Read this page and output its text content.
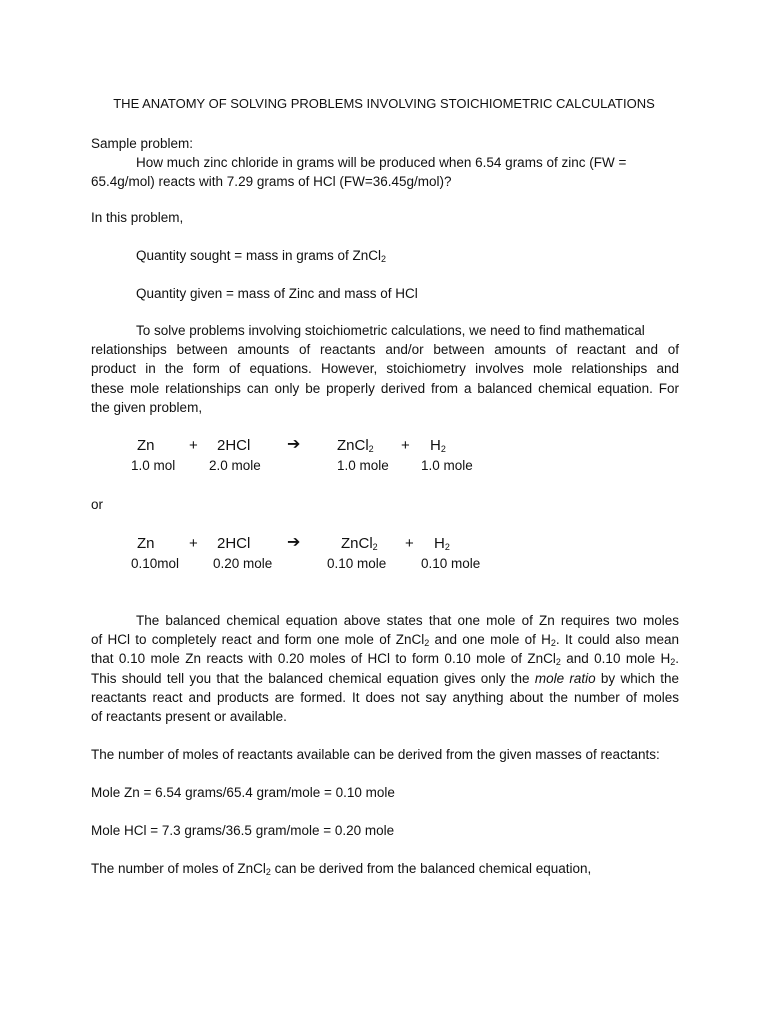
THE ANATOMY OF SOLVING PROBLEMS INVOLVING STOICHIOMETRIC CALCULATIONS
Sample problem:
How much zinc chloride in grams will be produced when 6.54 grams of zinc (FW =
65.4g/mol) reacts with 7.29 grams of HCl (FW=36.45g/mol)?
In this problem,
Quantity sought = mass in grams of ZnCl$_2$
Quantity given = mass of Zinc and mass of HCl
To solve problems involving stoichiometric calculations, we need to find mathematical
relationships between amounts of reactants and/or between amounts of reactant and of
product in the form of equations. However, stoichiometry involves mole relationships and
these mole relationships can only be properly derived from a balanced chemical equation. For
the given problem,
Zn + 2HCl ➔ ZnCl$_2$ + $H_2$
1.0 mol 2.0 mole	1.0 mole 1.0 mole
or
Zn + 2HCl ➔	ZnCl$_2$ + $H_2$
0.10mol	0.20 mole	0.10 mole	0.10 mole
The balanced chemical equation above states that one mole of Zn requires two moles
of HCl to completely react and form one mole of ZnCl$_2$ and one mole of $H_2$. It could also mean
that 0.10 mole Zn reacts with 0.20 moles of HCl to form 0.10 mole of ZnCl$_2$ and 0.10 mole $H_2$.
This should tell you that the balanced chemical equation gives only the mole ratio by which the
reactants react and products are formed. It does not say anything about the number of moles
of reactants present or available.
The number of moles of reactants available can be derived from the given masses of reactants:
Mole Zn = 6.54 grams/65.4 gram/mole = 0.10 mole
Mole HCl = 7.3 grams/36.5 gram/mole = 0.20 mole
The number of moles of ZnCl$_2$ can be derived from the balanced chemical equation,
